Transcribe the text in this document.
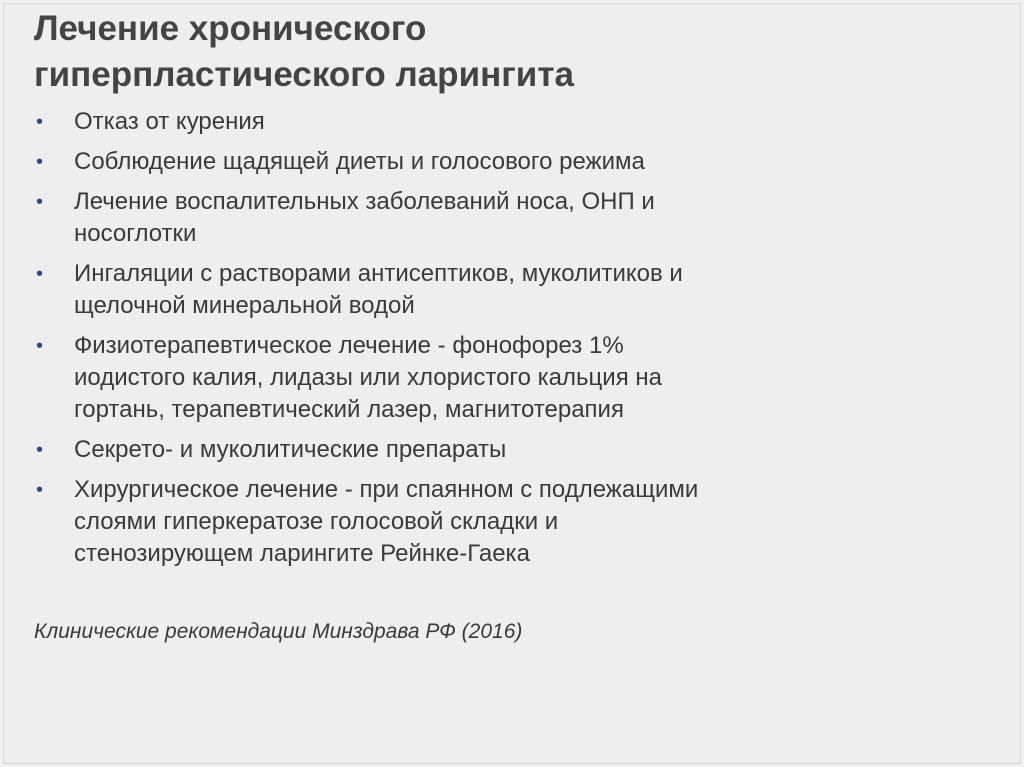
Лечение хронического
гиперпластического ларингита
• Отказ от курения
• Соблюдение щадящей диеты и голосового режима
• Лечение воспалительных заболеваний носа, ОНП и
носоглотки
• Ингаляции с растворами антисептиков, муколитиков и
щелочной минеральной водой
• Физиотерапевтическое лечение - фонофорез 1%
иодистого калия, лидазы или хлористого кальция на
гортань, терапевтический лазер, магнитотерапия
• Секрето- и муколитические препараты
• Хирургическое лечение - при спаянном с подлежащими
слоями гиперкератозе голосовой складки и
стенозирующем ларингите Рейнке-Гаека

Клинические рекомендации Минздрава РФ (2016)
